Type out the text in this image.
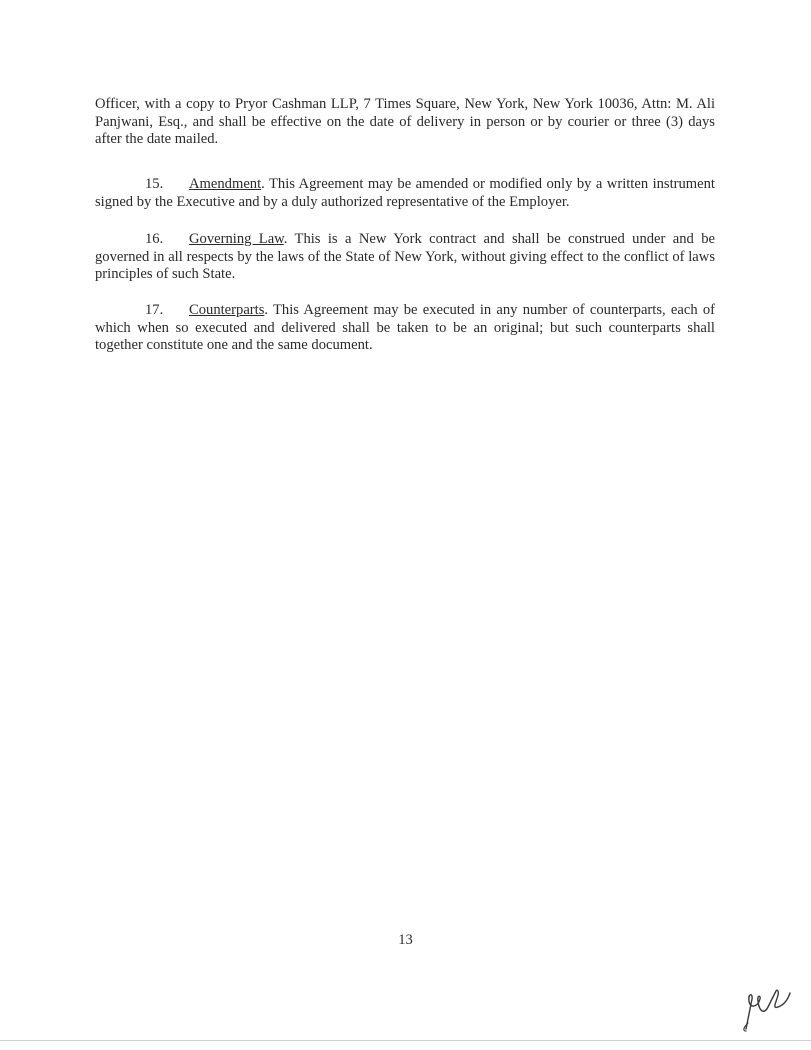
Officer, with a copy to Pryor Cashman LLP, 7 Times Square, New York, New York 10036, Attn: M. Ali Panjwani, Esq., and shall be effective on the date of delivery in person or by courier or three (3) days after the date mailed.

15. Amendment. This Agreement may be amended or modified only by a written instrument signed by the Executive and by a duly authorized representative of the Employer.

16. Governing Law. This is a New York contract and shall be construed under and be governed in all respects by the laws of the State of New York, without giving effect to the conflict of laws principles of such State.

17. Counterparts. This Agreement may be executed in any number of counterparts, each of which when so executed and delivered shall be taken to be an original; but such counterparts shall together constitute one and the same document.

13
